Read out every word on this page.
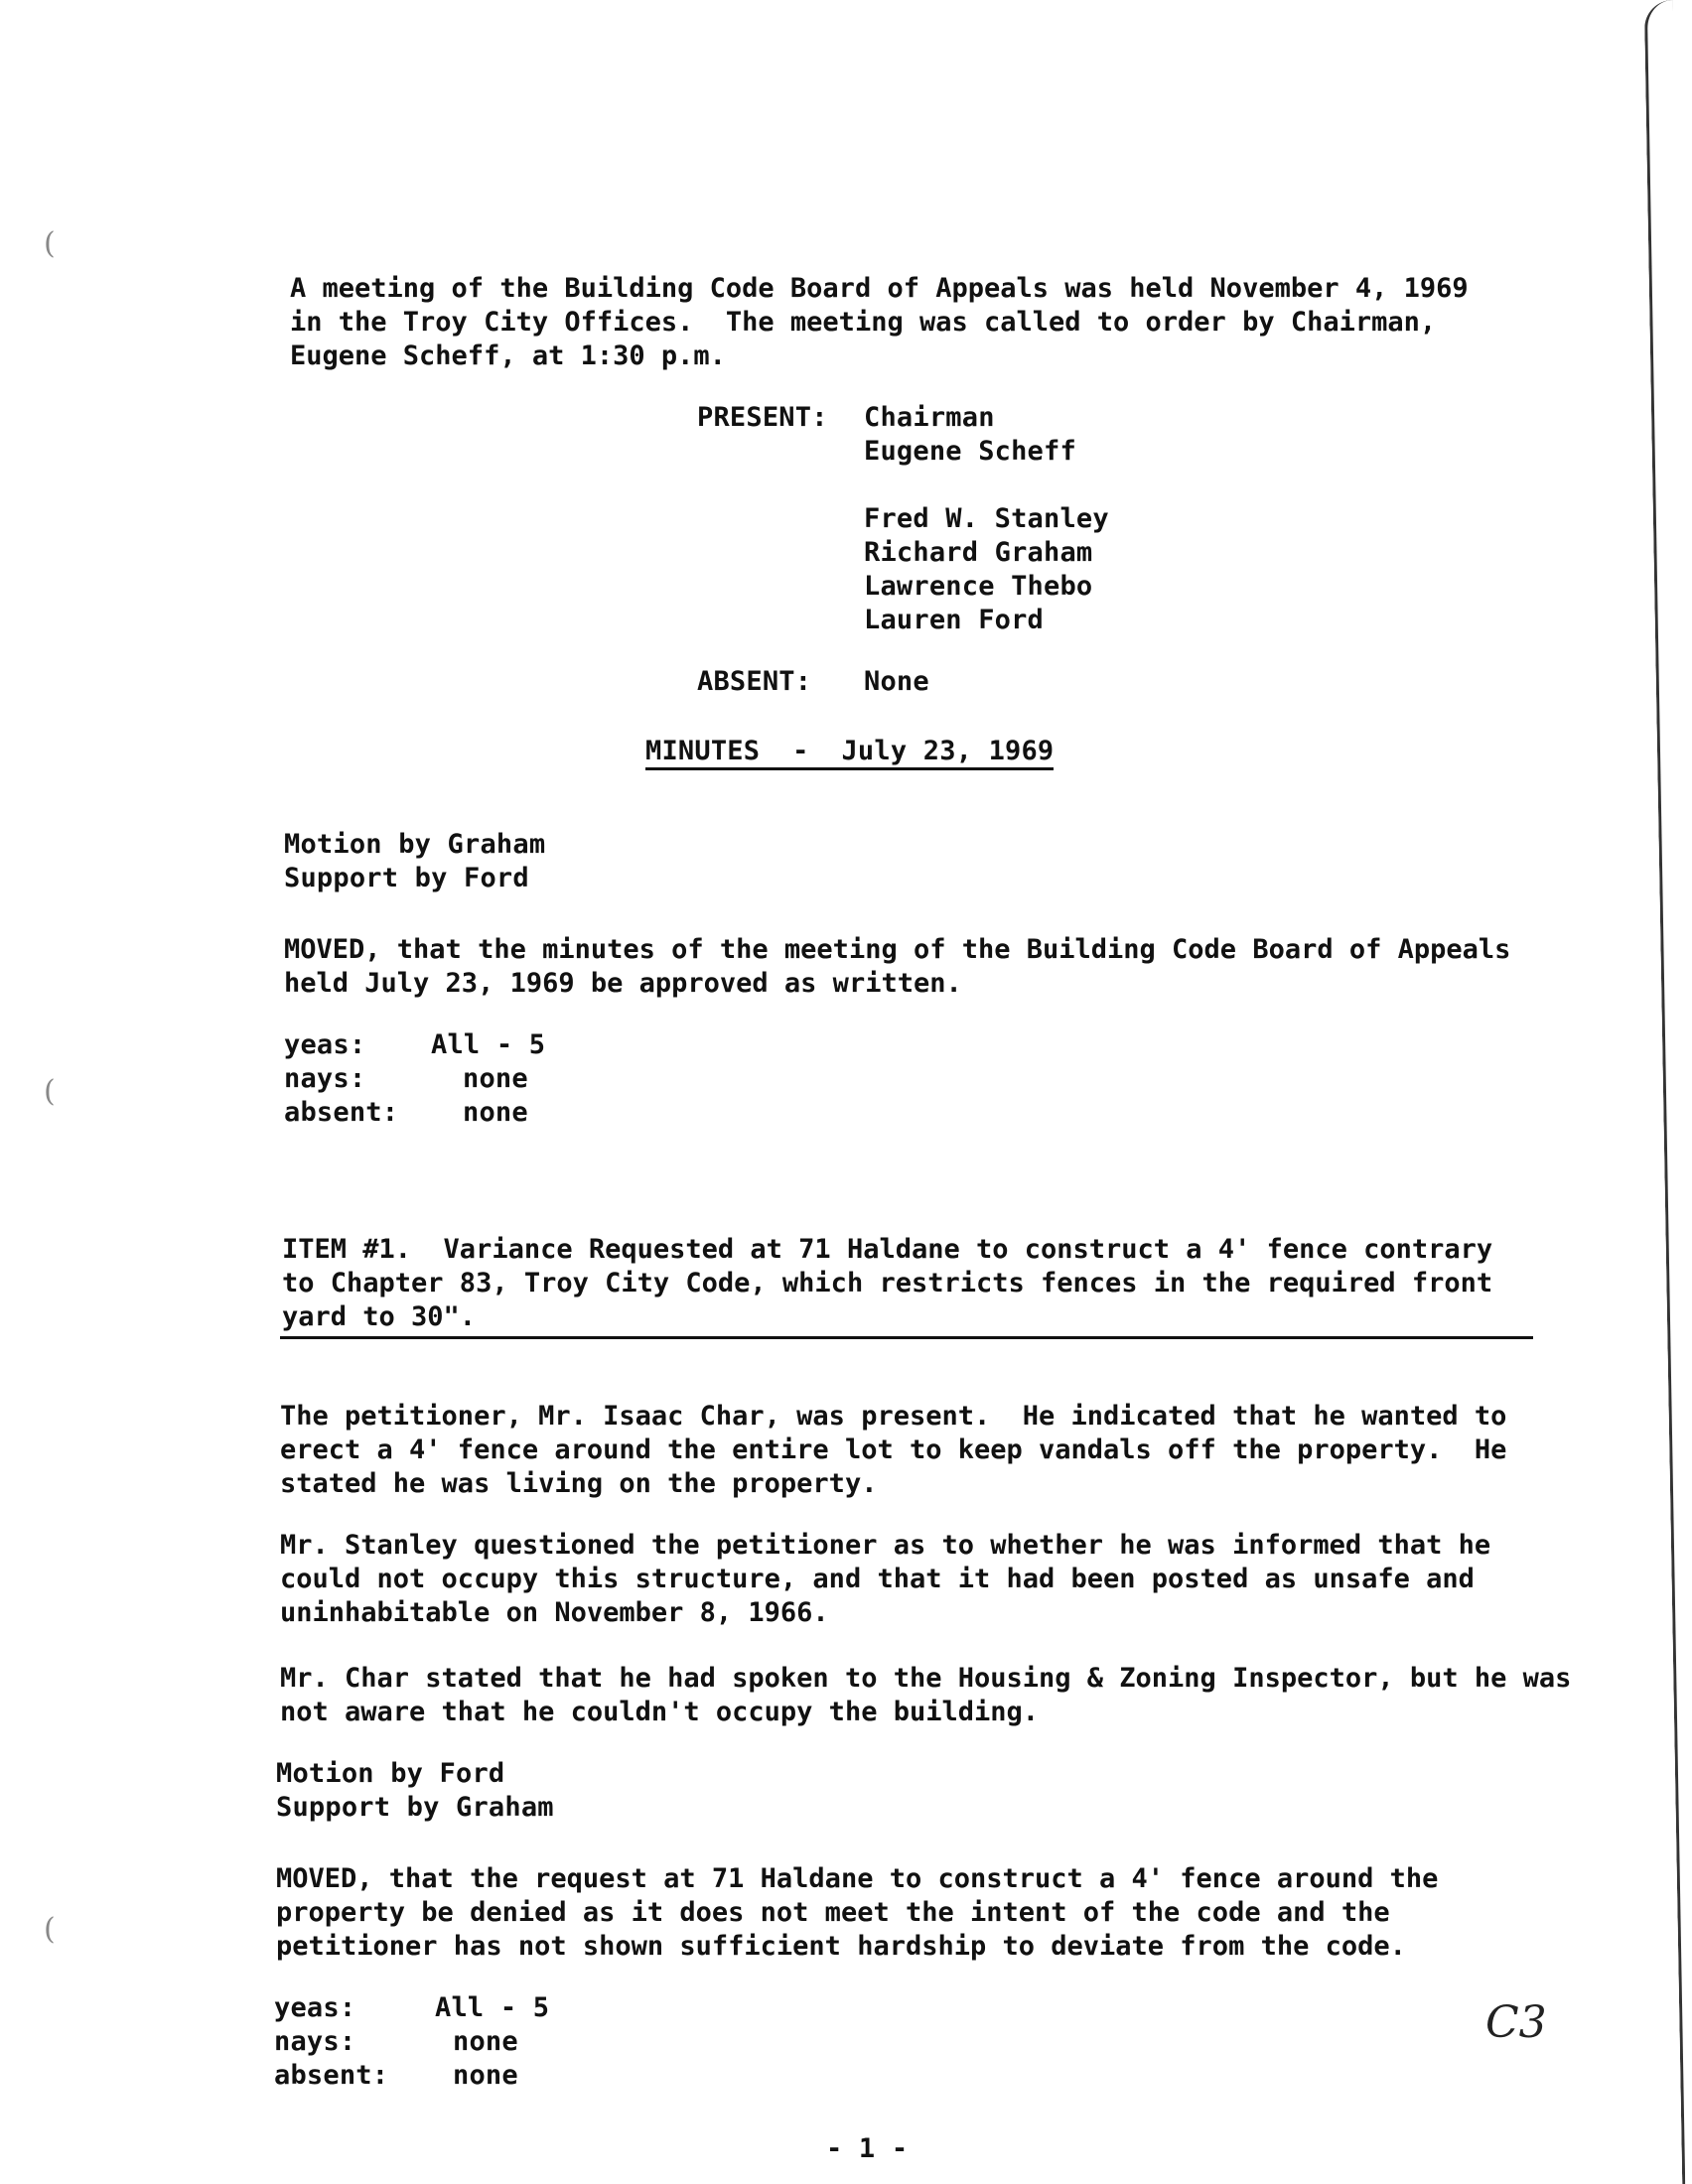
(
(
(
A meeting of the Building Code Board of Appeals was held November 4, 1969
in the Troy City Offices.  The meeting was called to order by Chairman,
Eugene Scheff, at 1:30 p.m.
PRESENT: Chairman
Eugene Scheff
Fred W. Stanley
Richard Graham
Lawrence Thebo
Lauren Ford
ABSENT: None
MINUTES  -  July 23, 1969
Motion by Graham
Support by Ford
MOVED, that the minutes of the meeting of the Building Code Board of Appeals
held July 23, 1969 be approved as written.
yeas: All - 5
nays:	none
absent: none
ITEM #1.  Variance Requested at 71 Haldane to construct a 4' fence contrary
to Chapter 83, Troy City Code, which restricts fences in the required front
yard to 30".
The petitioner, Mr. Isaac Char, was present.  He indicated that he wanted to
erect a 4' fence around the entire lot to keep vandals off the property.  He
stated he was living on the property.
Mr. Stanley questioned the petitioner as to whether he was informed that he
could not occupy this structure, and that it had been posted as unsafe and
uninhabitable on November 8, 1966.
Mr. Char stated that he had spoken to the Housing & Zoning Inspector, but he was
not aware that he couldn't occupy the building.
Motion by Ford
Support by Graham
MOVED, that the request at 71 Haldane to construct a 4' fence around the
property be denied as it does not meet the intent of the code and the
petitioner has not shown sufficient hardship to deviate from the code.
yeas:	All - 5
nays:	none
absent: none
C3
- 1 -
